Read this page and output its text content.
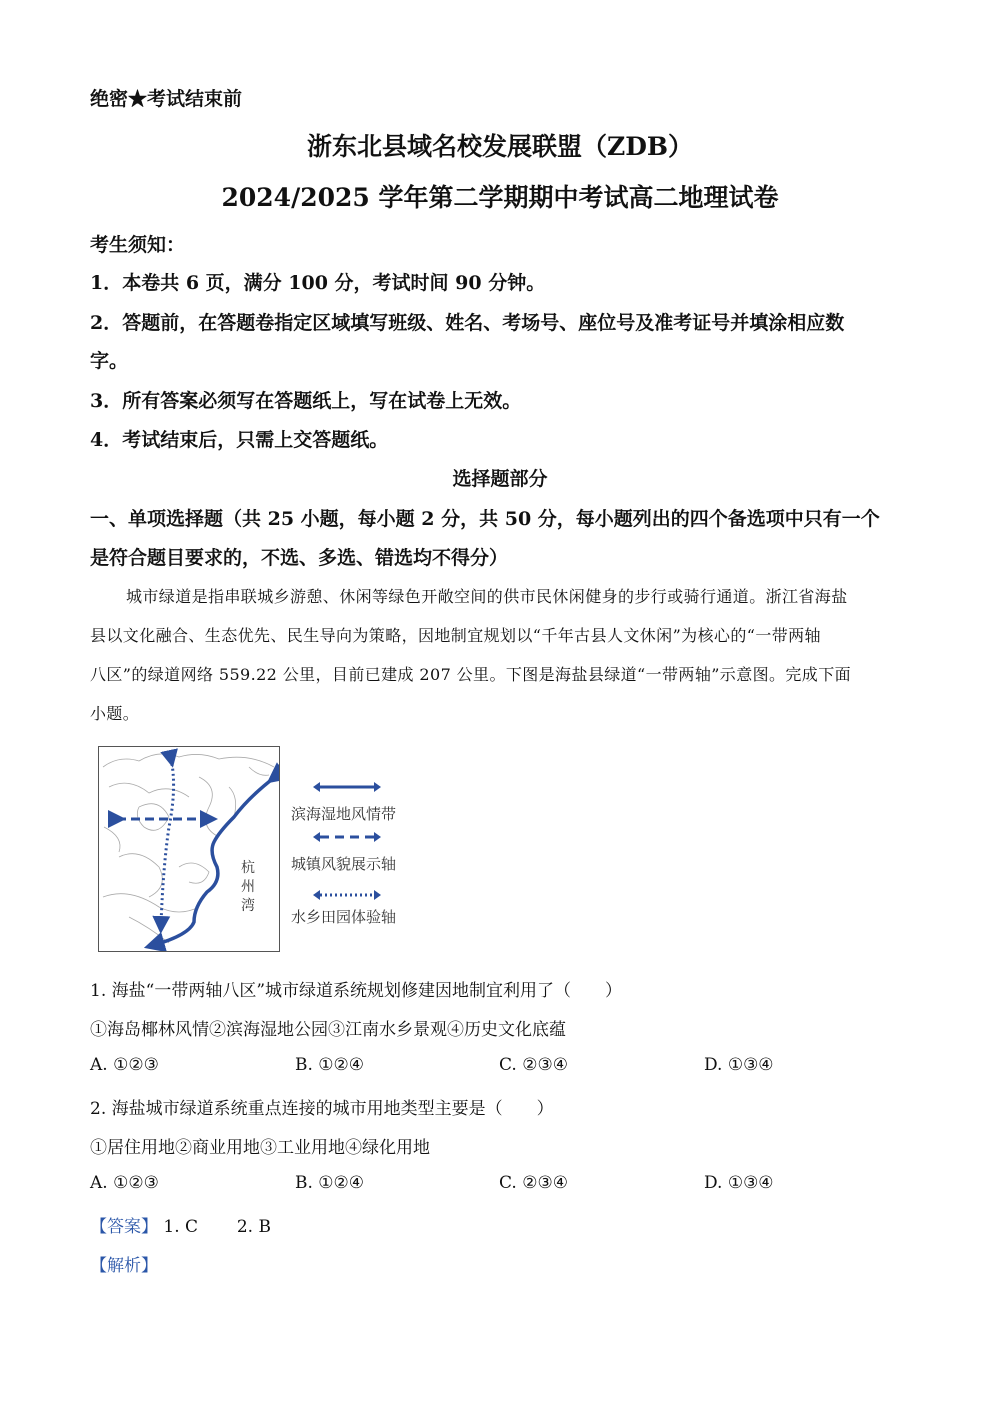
绝密★考试结束前
浙东北县域名校发展联盟（ZDB）
2024/2025 学年第二学期期中考试高二地理试卷
考生须知：
1．本卷共 6 页，满分 100 分，考试时间 90 分钟。
2．答题前，在答题卷指定区域填写班级、姓名、考场号、座位号及准考证号并填涂相应数
字。
3．所有答案必须写在答题纸上，写在试卷上无效。
4．考试结束后，只需上交答题纸。
选择题部分
一、单项选择题（共 25 小题，每小题 2 分，共 50 分，每小题列出的四个备选项中只有一个
是符合题目要求的，不选、多选、错选均不得分）
城市绿道是指串联城乡游憩、休闲等绿色开敞空间的供市民休闲健身的步行或骑行通道。浙江省海盐
县以文化融合、生态优先、民生导向为策略，因地制宜规划以“千年古县人文休闲”为核心的“一带两轴
八区”的绿道网络 559.22 公里，目前已建成 207 公里。下图是海盐县绿道“一带两轴”示意图。完成下面
小题。
杭
州
湾
滨海湿地风情带
城镇风貌展示轴
水乡田园体验轴
1. 海盐“一带两轴八区”城市绿道系统规划修建因地制宜利用了（　　）
①海岛椰林风情②滨海湿地公园③江南水乡景观④历史文化底蕴
A. ①②③	B. ①②④	C. ②③④	D. ①③④
2. 海盐城市绿道系统重点连接的城市用地类型主要是（　　）
①居住用地②商业用地③工业用地④绿化用地
A. ①②③	B. ①②④	C. ②③④	D. ①③④
【答案】 1. C 2. B
【解析】
